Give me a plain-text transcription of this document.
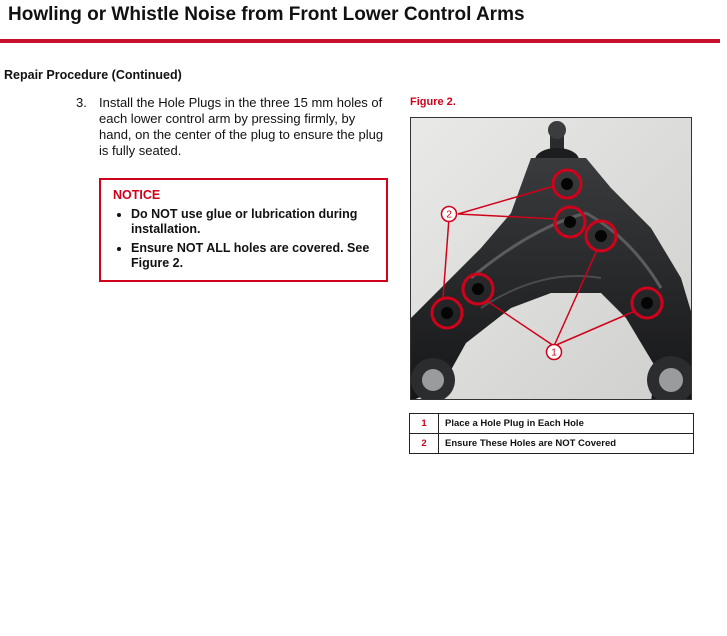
Howling or Whistle Noise from Front Lower Control Arms
Repair Procedure (Continued)
3. Install the Hole Plugs in the three 15 mm holes of each lower control arm by pressing firmly, by hand, on the center of the plug to ensure the plug is fully seated.
NOTICE
• Do NOT use glue or lubrication during installation.
• Ensure NOT ALL holes are covered. See Figure 2.
Figure 2.
2
1
1	Place a Hole Plug in Each Hole
2	Ensure These Holes are NOT Covered
